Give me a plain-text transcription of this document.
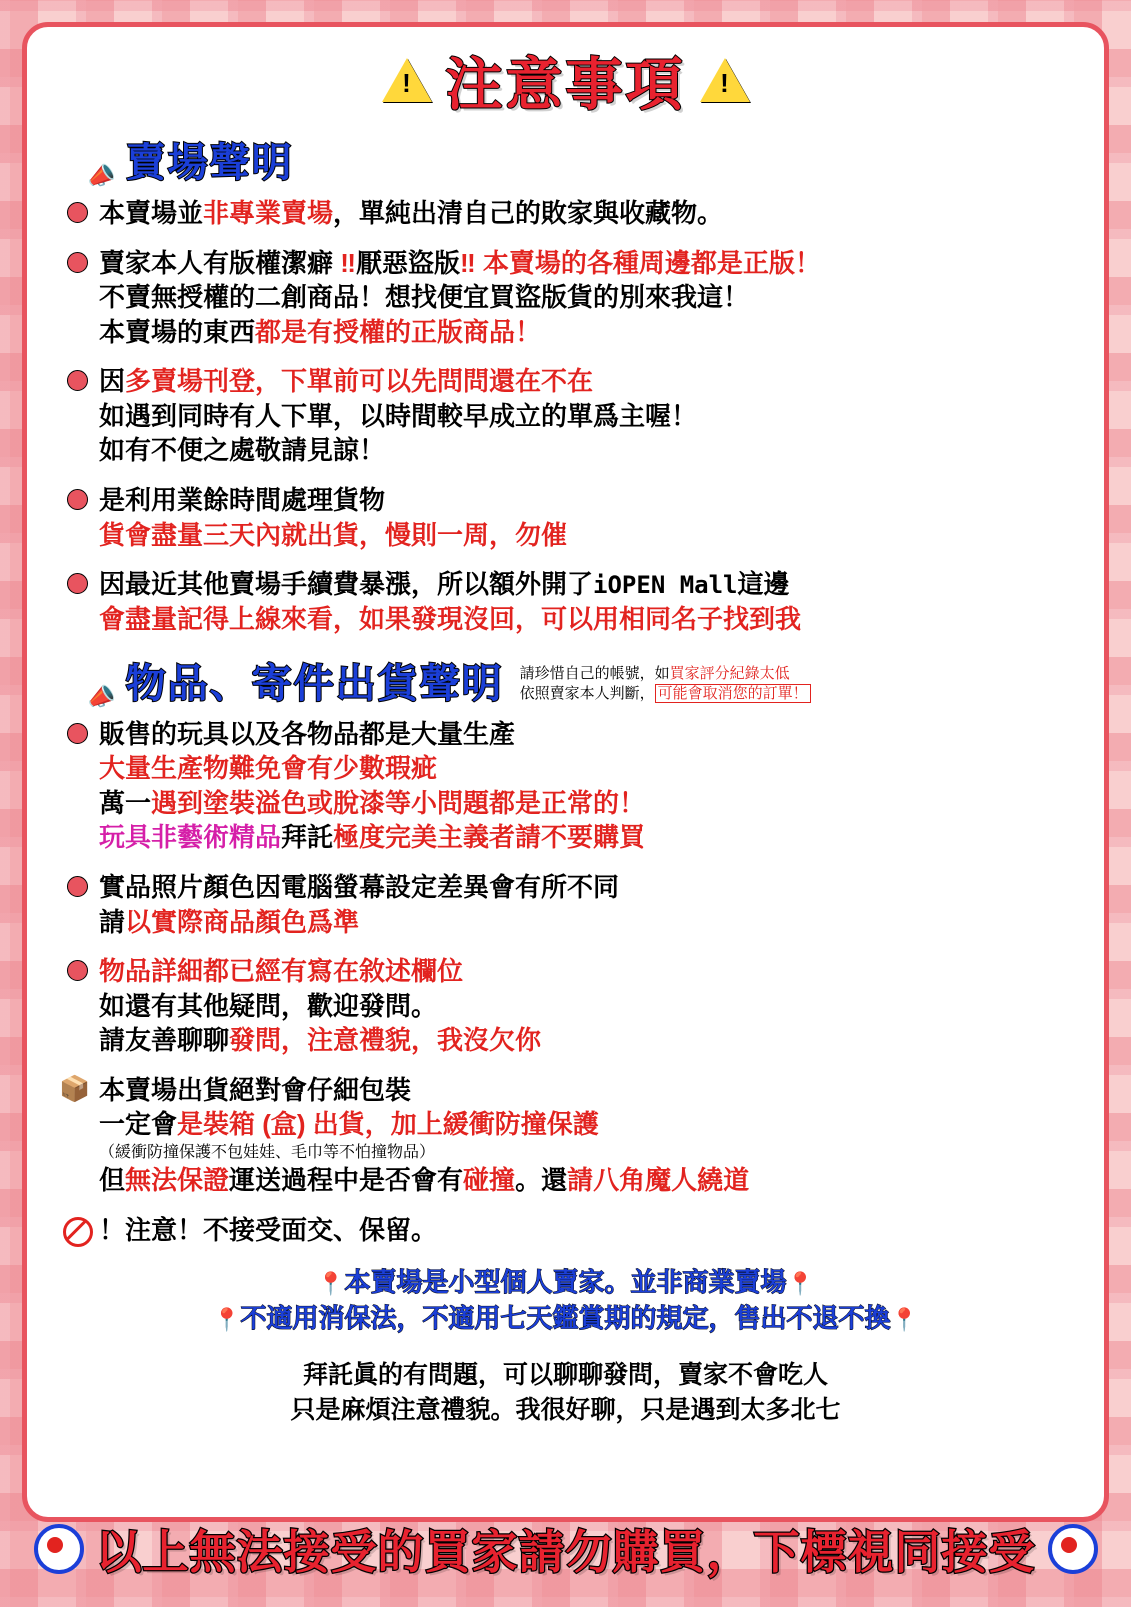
!
注意事項
!
📣 賣場聲明
本賣場並非專業賣場，單純出清自己的敗家與收藏物。
賣家本人有版權潔癖 ‼厭惡盜版‼ 本賣場的各種周邊都是正版！
不賣無授權的二創商品！想找便宜買盜版貨的別來我這！
本賣場的東西都是有授權的正版商品！
因多賣場刊登，下單前可以先問問還在不在
如遇到同時有人下單，以時間較早成立的單爲主喔！
如有不便之處敬請見諒！
是利用業餘時間處理貨物
貨會盡量三天內就出貨，慢則一周，勿催
因最近其他賣場手續費暴漲，所以額外開了iOPEN Mall這邊
會盡量記得上線來看，如果發現沒回，可以用相同名子找到我
📣 物品、寄件出貨聲明 請珍惜自己的帳號，如買家評分紀錄太低
依照賣家本人判斷， 可能會取消您的訂單！
販售的玩具以及各物品都是大量生產
大量生產物難免會有少數瑕疵
萬一遇到塗裝溢色或脫漆等小問題都是正常的！
玩具非藝術精品拜託極度完美主義者請不要購買
實品照片顏色因電腦螢幕設定差異會有所不同
請以實際商品顏色爲準
物品詳細都已經有寫在敘述欄位
如還有其他疑問，歡迎發問。
請友善聊聊發問，注意禮貌，我沒欠你
📦 本賣場出貨絕對會仔細包裝
一定會是裝箱 (盒) 出貨，加上緩衝防撞保護
（緩衝防撞保護不包娃娃、毛巾等不怕撞物品）
但無法保證運送過程中是否會有碰撞。還請八角魔人繞道
！注意！不接受面交、保留。
📍本賣場是小型個人賣家。並非商業賣場📍
📍不適用消保法，不適用七天鑑賞期的規定，售出不退不換📍
拜託眞的有問題，可以聊聊發問，賣家不會吃人
只是麻煩注意禮貌。我很好聊，只是遇到太多北七
以上無法接受的買家請勿購買，下標視同接受
